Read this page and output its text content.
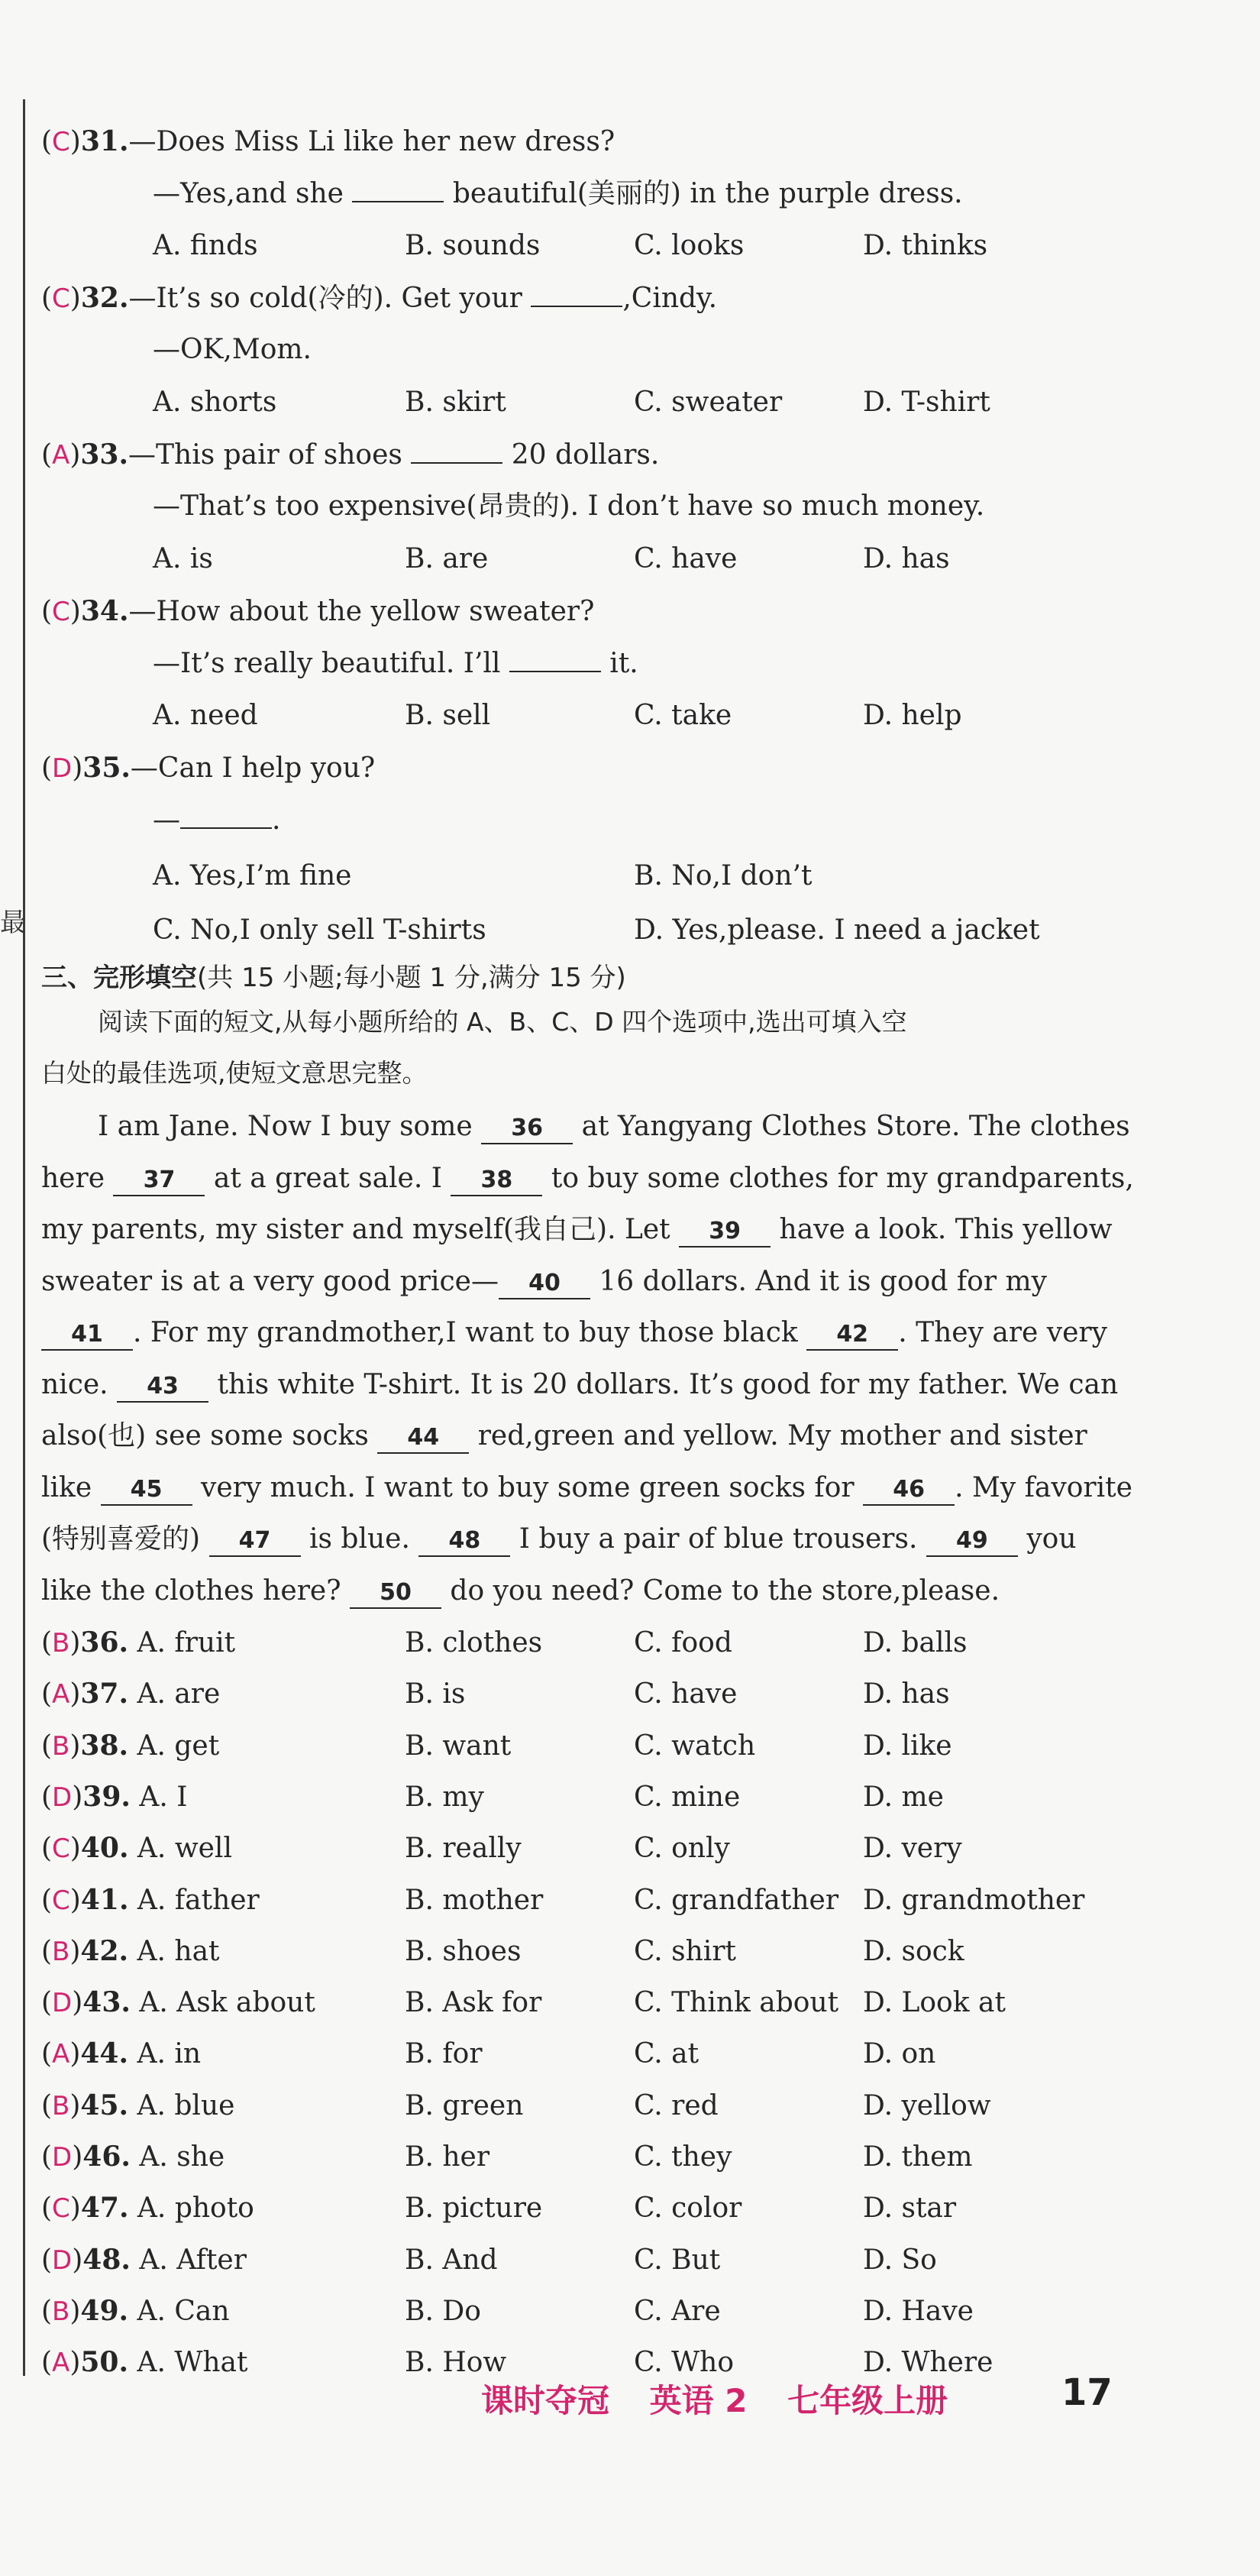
最
(C)31.—Does Miss Li like her new dress?
—Yes,and she	beautiful(美丽的) in the purple dress.
A. finds	B. sounds	C. looks	D. thinks
(C)32.—It’s so cold(冷的). Get your	,Cindy.
—OK,Mom.
A. shorts	B. skirt	C. sweater	D. T-shirt
(A)33.—This pair of shoes	20 dollars.
—That’s too expensive(昂贵的). I don’t have so much money.
A. is	B. are	C. have	D. has
(C)34.—How about the yellow sweater?
—It’s really beautiful. I’ll	it.
A. need	B. sell	C. take	D. help
(D)35.—Can I help you?
—	.
A. Yes,I’m fine	B. No,I don’t
C. No,I only sell T-shirts	D. Yes,please. I need a jacket
三、完形填空(共 15 小题;每小题 1 分,满分 15 分)
阅读下面的短文,从每小题所给的 A、B、C、D 四个选项中,选出可填入空
白处的最佳选项,使短文意思完整。
I am Jane. Now I buy some 36 at Yangyang Clothes Store. The clothes
here 37 at a great sale. I 38 to buy some clothes for my grandparents,
my parents, my sister and myself(我自己). Let 39 have a look. This yellow
sweater is at a very good price— 40 16 dollars. And it is good for my
41 . For my grandmother,I want to buy those black 42 . They are very
nice. 43 this white T-shirt. It is 20 dollars. It’s good for my father. We can
also(也) see some socks 44 red,green and yellow. My mother and sister
like 45 very much. I want to buy some green socks for 46 . My favorite
(特别喜爱的) 47 is blue. 48 I buy a pair of blue trousers. 49 you
like the clothes here? 50 do you need? Come to the store,please.
(B)36. A. fruit	B. clothes	C. food	D. balls
(A)37. A. are	B. is	C. have	D. has
(B)38. A. get	B. want	C. watch	D. like
(D)39. A. I	B. my	C. mine	D. me
(C)40. A. well	B. really	C. only	D. very
(C)41. A. father	B. mother	C. grandfather D. grandmother
(B)42. A. hat	B. shoes	C. shirt	D. sock
(D)43. A. Ask about	B. Ask for	C. Think about D. Look at
(A)44. A. in	B. for	C. at	D. on
(B)45. A. blue	B. green	C. red	D. yellow
(D)46. A. she	B. her	C. they	D. them
(C)47. A. photo	B. picture	C. color	D. star
(D)48. A. After	B. And	C. But	D. So
(B)49. A. Can	B. Do	C. Are	D. Have
(A)50. A. What	B. How	C. Who	D. Where
课时夺冠 英语 2 七年级上册	17
